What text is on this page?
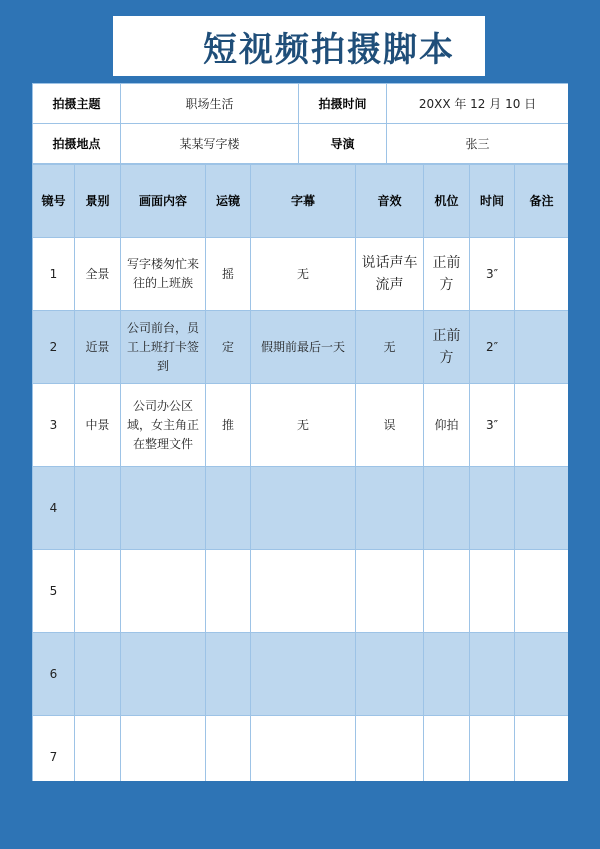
短视频拍摄脚本
拍摄主题	职场生活	拍摄时间	20XX 年 12 月 10 日
拍摄地点	某某写字楼	导演	张三
镜号	景别	画面内容	运镜	字幕	音效	机位	时间	备注
1	全景	写字楼匆忙来往的上班族	摇	无	说话声车流声	正前方	3″	
2	近景	公司前台，员工上班打卡签到	定	假期前最后一天	无	正前方	2″	
3	中景	公司办公区域，女主角正在整理文件	推	无	误	仰拍	3″	
4								
5								
6								
7								
